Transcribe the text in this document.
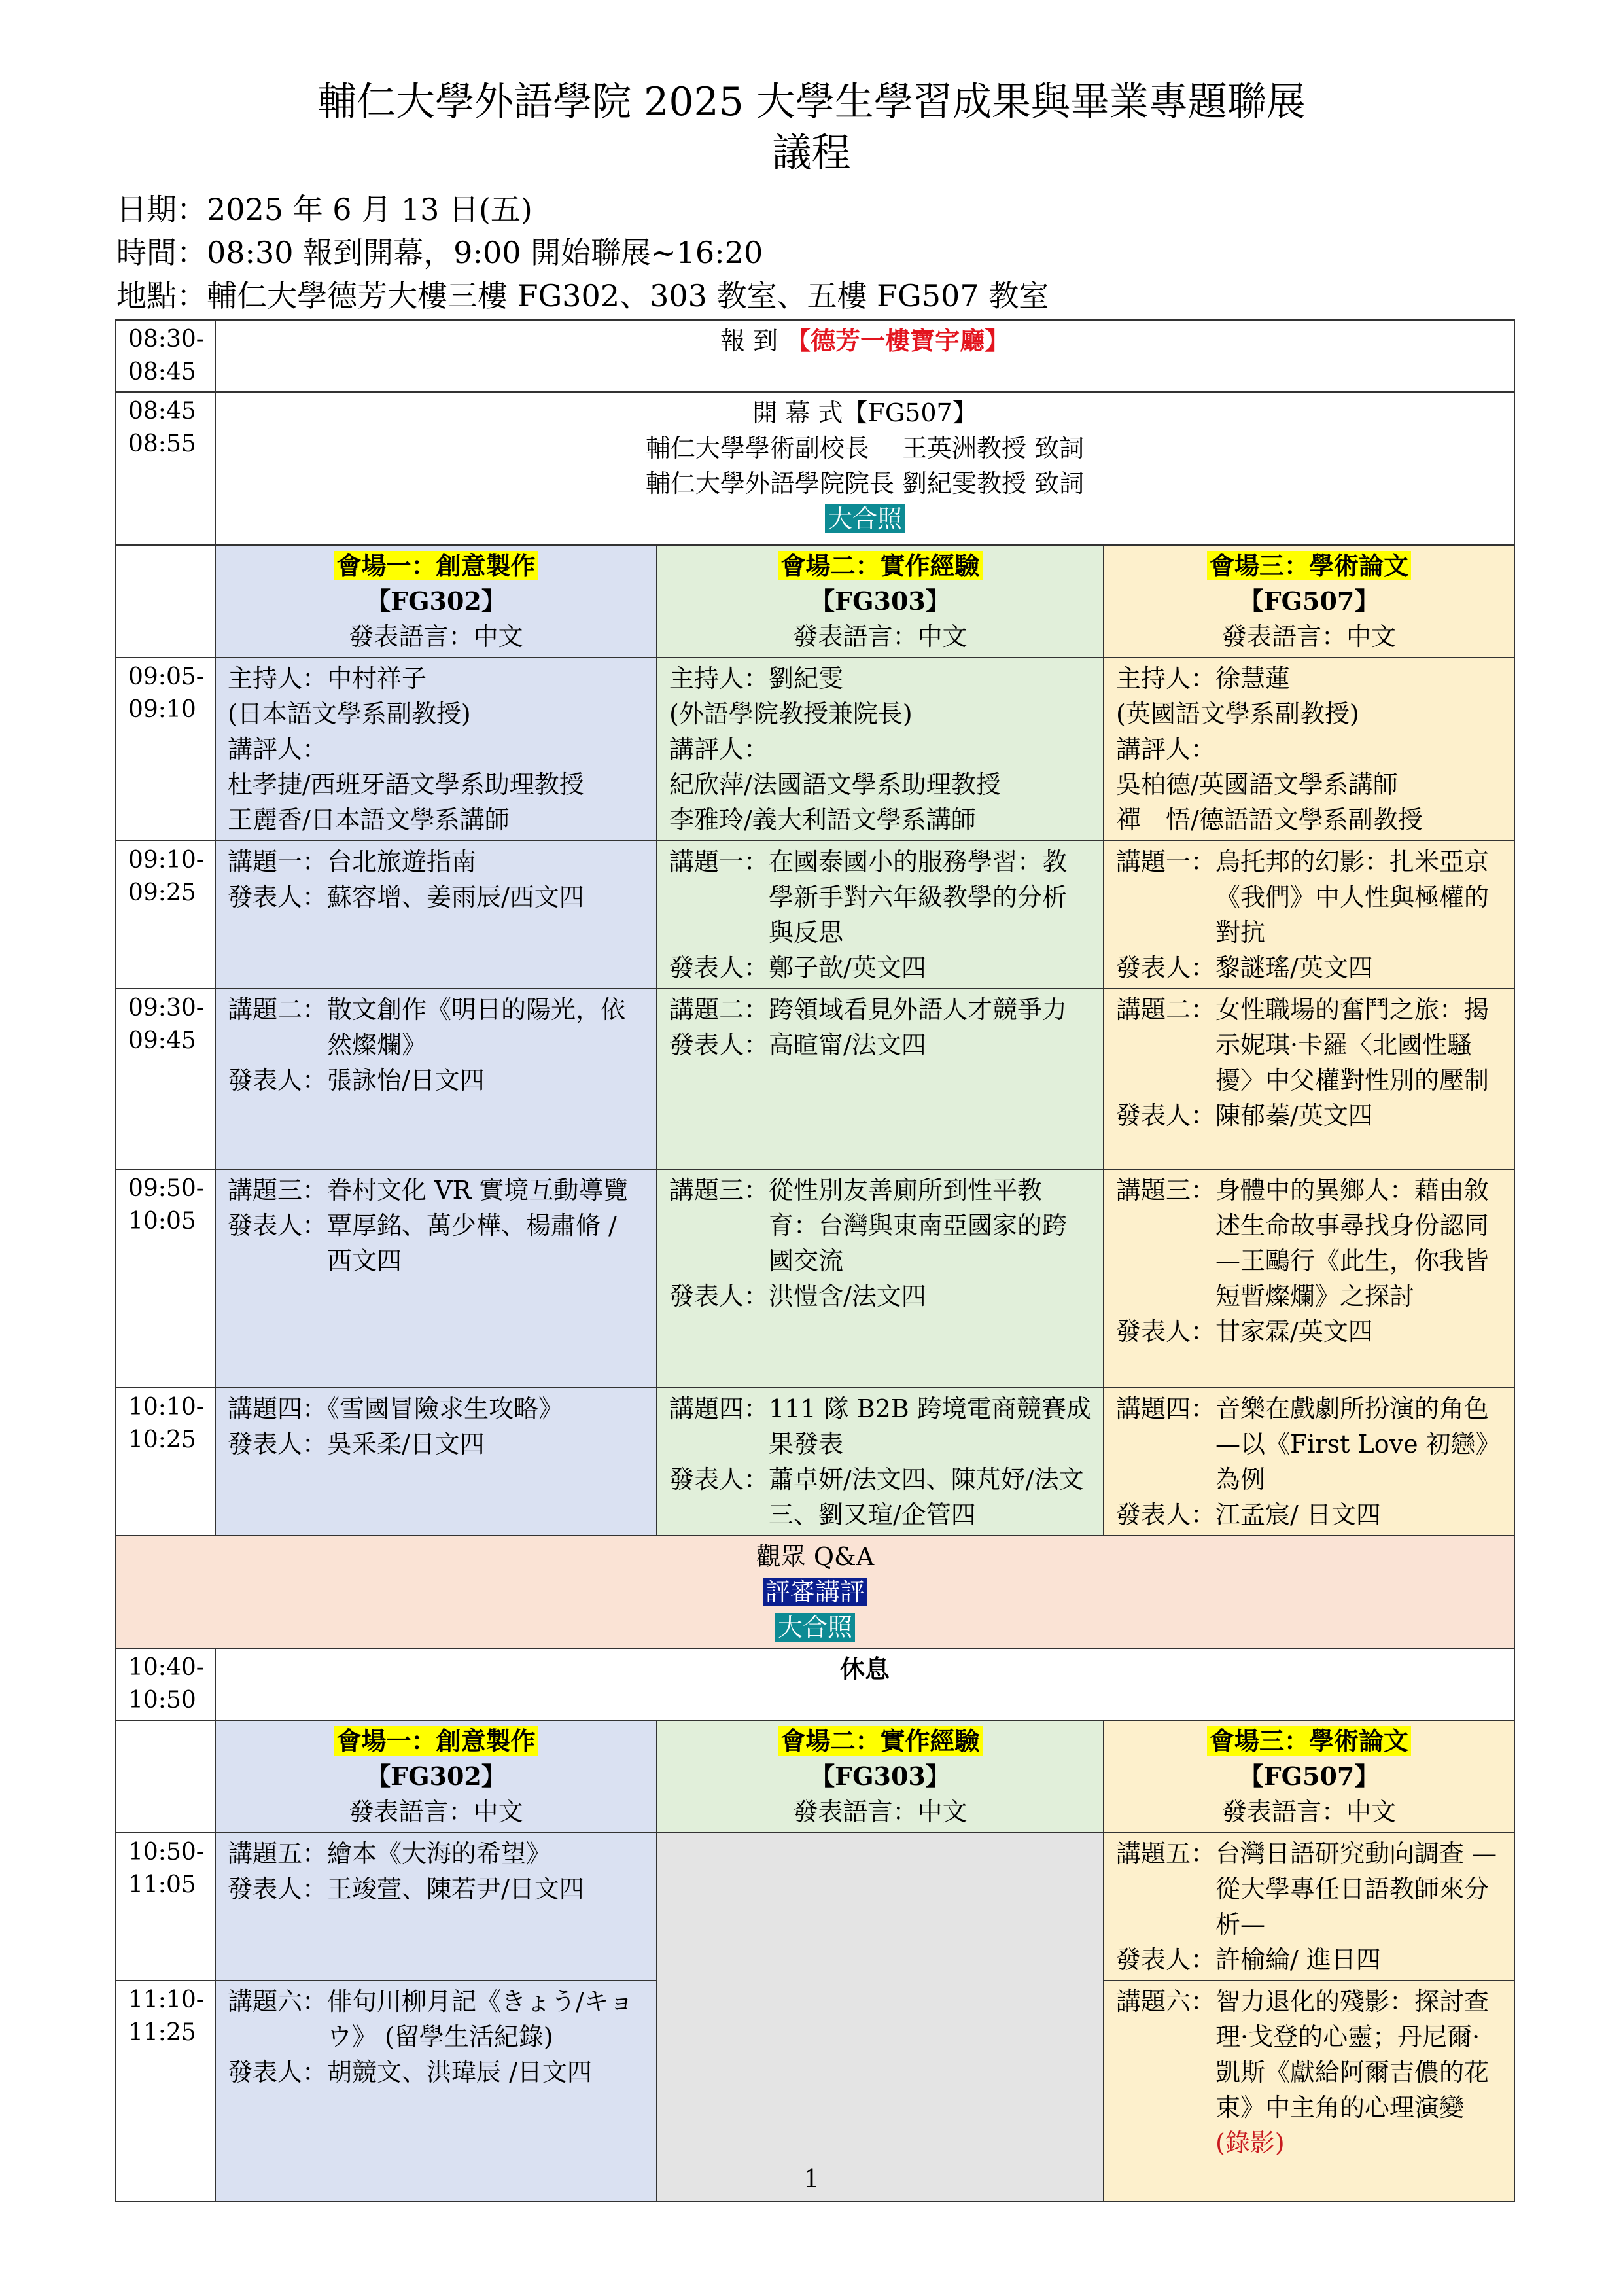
輔仁大學外語學院 2025 大學生學習成果與畢業專題聯展
議程
日期：2025 年 6 月 13 日(五)
時間：08:30 報到開幕，9:00 開始聯展~16:20
地點：輔仁大學德芳大樓三樓 FG302、303 教室、五樓 FG507 教室
08:30-
08:45	報 到 【德芳一樓寶宇廳】		
08:45
08:55	開 幕 式【FG507】
輔仁大學學術副校長　 王英洲教授 致詞
輔仁大學外語學院院長 劉紀雯教授 致詞
大合照		

	會場一：創意製作
【FG302】
發表語言：中文	會場二：實作經驗
【FG303】
發表語言：中文	會場三：學術論文
【FG507】
發表語言：中文

09:05-
09:10	主持人：中村祥子
(日本語文學系副教授)
講評人：
杜孝捷/西班牙語文學系助理教授
王麗香/日本語文學系講師	主持人：劉紀雯
(外語學院教授兼院長)
講評人：
紀欣萍/法國語文學系助理教授
李雅玲/義大利語文學系講師	主持人：徐慧蓮
(英國語文學系副教授)
講評人：
吳柏德/英國語文學系講師
禪　悟/德語語文學系副教授

09:10-
09:25	講題一：台北旅遊指南
發表人：蘇容增、姜雨辰/西文四	講題一：在國泰國小的服務學習：教學新手對六年級教學的分析與反思
發表人：鄭子歆/英文四	講題一：烏托邦的幻影：扎米亞京《我們》中人性與極權的對抗
發表人：黎謎瑤/英文四

09:30-
09:45	講題二：散文創作《明日的陽光，依然燦爛》
發表人：張詠怡/日文四	講題二：跨領域看見外語人才競爭力
發表人：高暄甯/法文四	講題二：女性職場的奮鬥之旅：揭示妮琪·卡羅〈北國性騷擾〉中父權對性別的壓制
發表人：陳郁蓁/英文四

09:50-
10:05	講題三：眷村文化 VR 實境互動導覽
發表人：覃厚銘、萬少樺、楊肅脩 / 西文四	講題三：從性別友善廁所到性平教育：台灣與東南亞國家的跨國交流
發表人：洪愷含/法文四	講題三：身體中的異鄉人：藉由敘述生命故事尋找身份認同—王鷗行《此生，你我皆短暫燦爛》之探討
發表人：甘家霖/英文四

10:10-
10:25	講題四：《雪國冒險求生攻略》
發表人：吳釆柔/日文四	講題四：111 隊 B2B 跨境電商競賽成果發表
發表人：蕭卓妍/法文四、陳芃妤/法文三、劉又瑄/企管四	講題四：音樂在戲劇所扮演的角色 —以《First Love 初戀》為例
發表人：江孟宸/ 日文四

觀眾 Q&A
評審講評
大合照			

10:40-
10:50	休息		

	會場一：創意製作
【FG302】
發表語言：中文	會場二：實作經驗
【FG303】
發表語言：中文	會場三：學術論文
【FG507】
發表語言：中文

10:50-
11:05	講題五：繪本《大海的希望》
發表人：王竣萱、陳若尹/日文四		講題五：台灣日語研究動向調查 —從大學專任日語教師來分析—
發表人：許榆綸/ 進日四

11:10-
11:25	講題六：俳句川柳月記《きょう/キョウ》 (留學生活紀錄)
發表人：胡競文、洪瑋辰 /日文四		講題六：智力退化的殘影：探討查理·戈登的心靈；丹尼爾·凱斯《獻給阿爾吉儂的花束》中主角的心理演變
(錄影)
1
